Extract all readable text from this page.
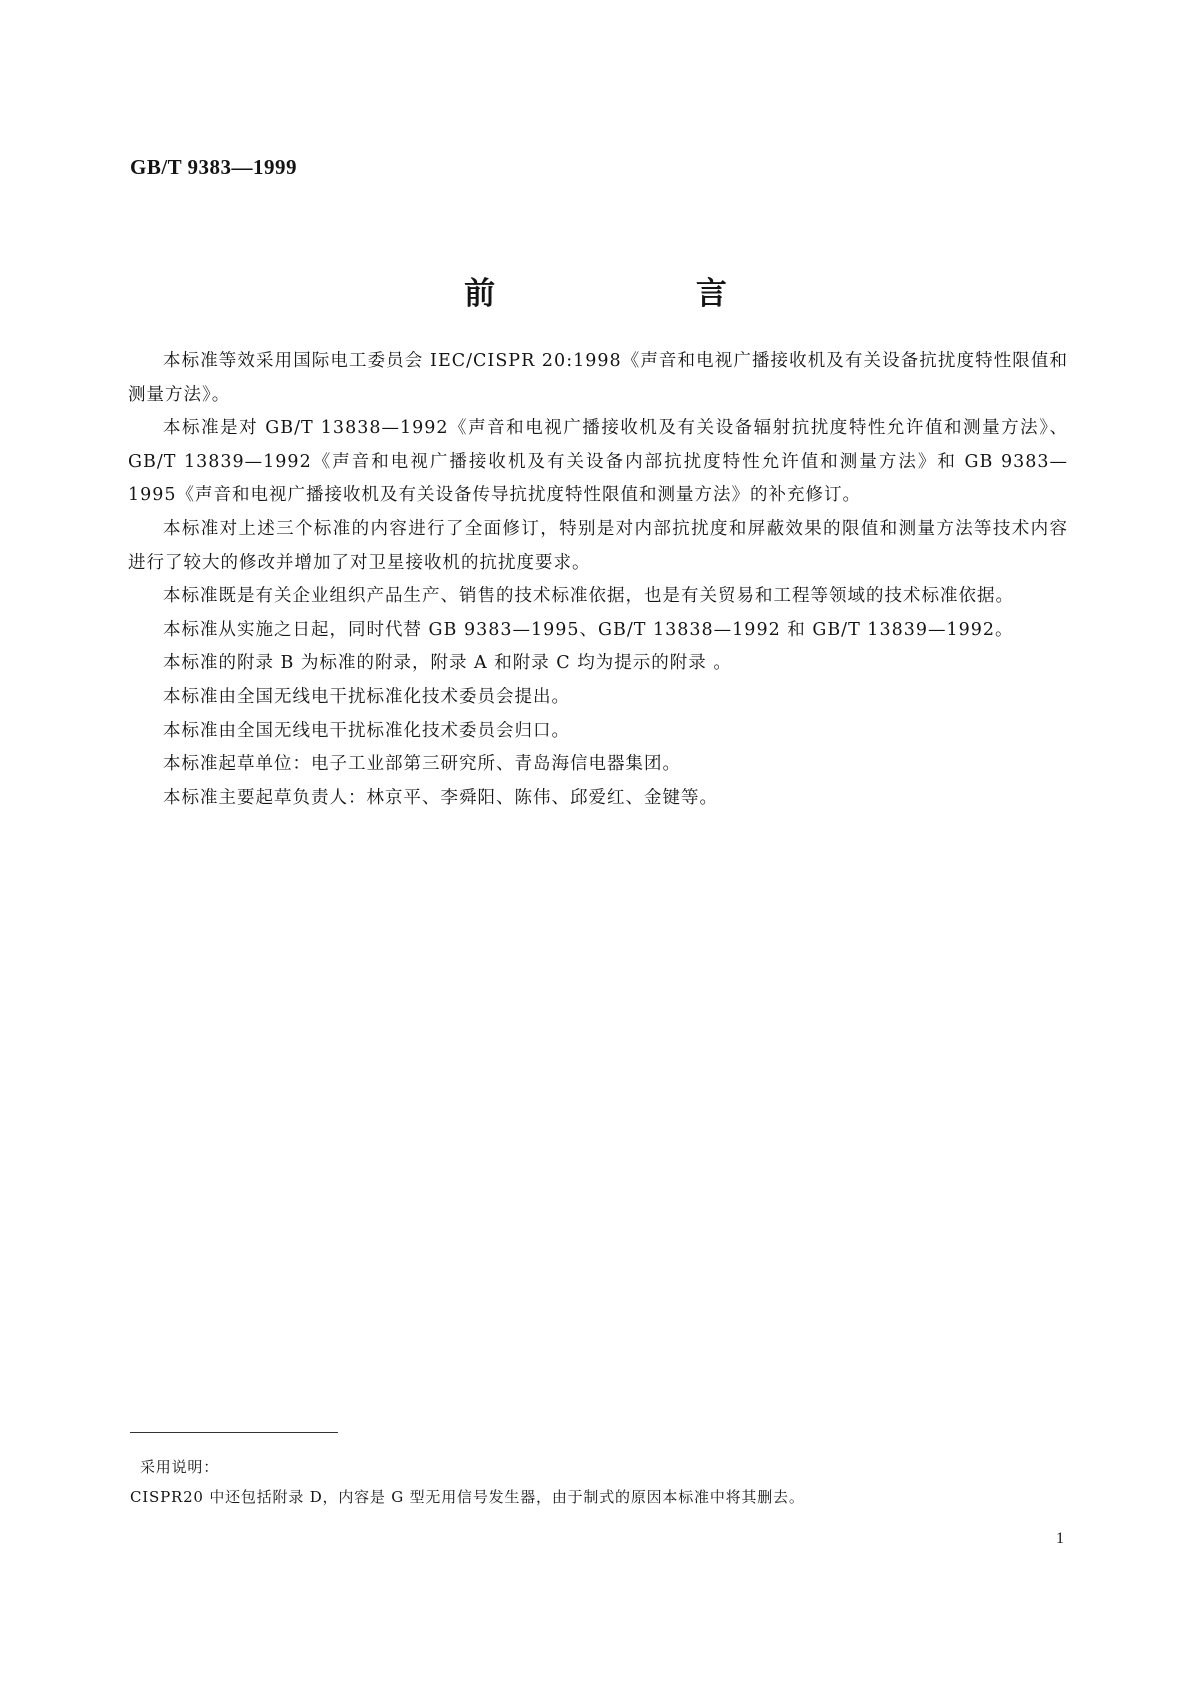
GB/T 9383—1999
前 言

本标准等效采用国际电工委员会 IEC/CISPR 20:1998《声音和电视广播接收机及有关设备抗扰度特性限值和测量方法》。

本标准是对 GB/T 13838—1992《声音和电视广播接收机及有关设备辐射抗扰度特性允许值和测量方法》、GB/T 13839—1992《声音和电视广播接收机及有关设备内部抗扰度特性允许值和测量方法》和 GB 9383—1995《声音和电视广播接收机及有关设备传导抗扰度特性限值和测量方法》的补充修订。

本标准对上述三个标准的内容进行了全面修订，特别是对内部抗扰度和屏蔽效果的限值和测量方法等技术内容进行了较大的修改并增加了对卫星接收机的抗扰度要求。

本标准既是有关企业组织产品生产、销售的技术标准依据，也是有关贸易和工程等领域的技术标准依据。

本标准从实施之日起，同时代替 GB 9383—1995、GB/T 13838—1992 和 GB/T 13839—1992。

本标准的附录 B 为标准的附录，附录 A 和附录 C 均为提示的附录 。

本标准由全国无线电干扰标准化技术委员会提出。

本标准由全国无线电干扰标准化技术委员会归口。

本标准起草单位：电子工业部第三研究所、青岛海信电器集团。

本标准主要起草负责人：林京平、李舜阳、陈伟、邱爱红、金键等。

采用说明：

CISPR20 中还包括附录 D，内容是 G 型无用信号发生器，由于制式的原因本标准中将其删去。

1
